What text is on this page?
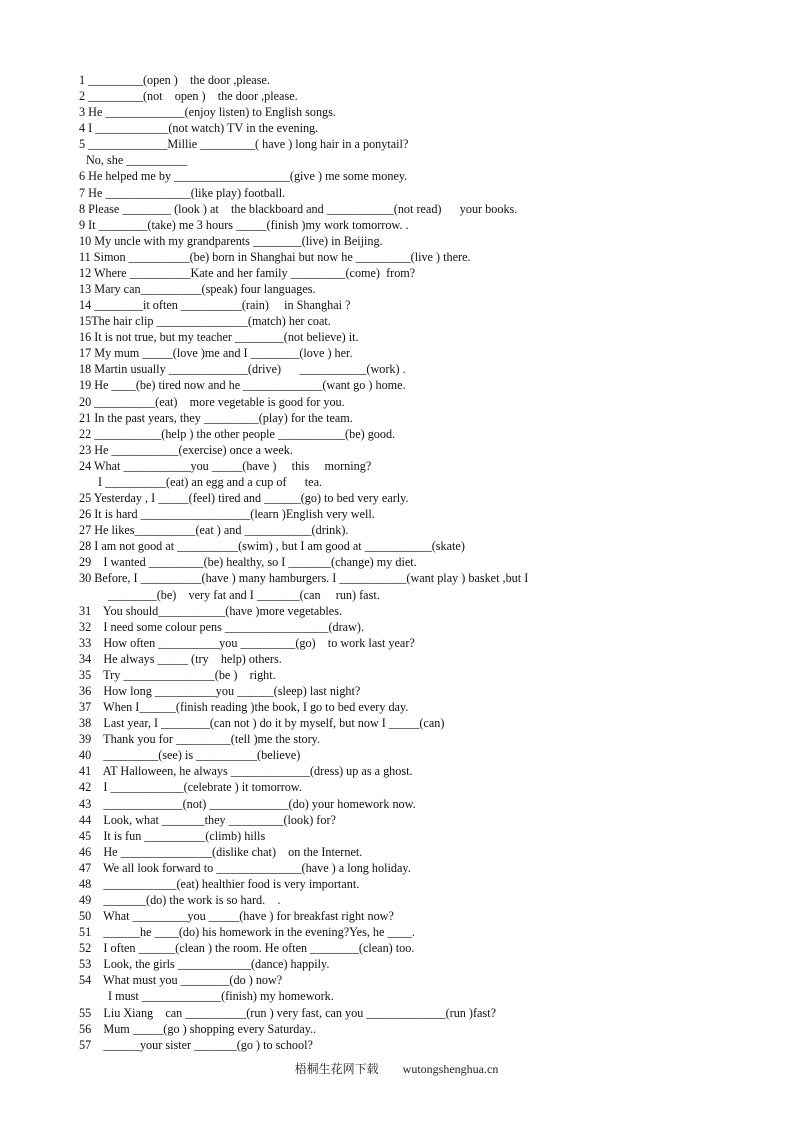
1 _________(open )    the door ,please.
2 _________(not    open )    the door ,please.
3 He _____________(enjoy listen) to English songs.
4 I ____________(not watch) TV in the evening.
5 _____________Millie _________( have ) long hair in a ponytail?
No, she __________
6 He helped me by ___________________(give ) me some money.
7 He ______________(like play) football.
8 Please ________ (look ) at    the blackboard and ___________(not read)      your books.
9 It ________(take) me 3 hours _____(finish )my work tomorrow. .
10 My uncle with my grandparents ________(live) in Beijing.
11 Simon __________(be) born in Shanghai but now he _________(live ) there.
12 Where __________Kate and her family _________(come)  from?
13 Mary can__________(speak) four languages.
14 ________it often __________(rain)     in Shanghai ?
15The hair clip _______________(match) her coat.
16 It is not true, but my teacher ________(not believe) it.
17 My mum _____(love )me and I ________(love ) her.
18 Martin usually _____________(drive)      ___________(work) .
19 He ____(be) tired now and he _____________(want go ) home.
20 __________(eat)    more vegetable is good for you.
21 In the past years, they _________(play) for the team.
22 ___________(help ) the other people ___________(be) good.
23 He ___________(exercise) once a week.
24 What ___________you _____(have )     this     morning?
I __________(eat) an egg and a cup of      tea.
25 Yesterday , I _____(feel) tired and ______(go) to bed very early.
26 It is hard __________________(learn )English very well.
27 He likes__________(eat ) and ___________(drink).
28 I am not good at __________(swim) , but I am good at ___________(skate)
29    I wanted _________(be) healthy, so I _______(change) my diet.
30 Before, I __________(have ) many hamburgers. I ___________(want play ) basket ,but I
________(be)    very fat and I _______(can     run) fast.
31    You should___________(have )more vegetables.
32    I need some colour pens _________________(draw).
33    How often __________you _________(go)    to work last year?
34    He always _____ (try    help) others.
35    Try _______________(be )    right.
36    How long __________you ______(sleep) last night?
37    When I______(finish reading )the book, I go to bed every day.
38    Last year, I ________(can not ) do it by myself, but now I _____(can)
39    Thank you for _________(tell )me the story.
40    _________(see) is __________(believe)
41    AT Halloween, he always _____________(dress) up as a ghost.
42    I ____________(celebrate ) it tomorrow.
43    _____________(not) _____________(do) your homework now.
44    Look, what _______they _________(look) for?
45    It is fun __________(climb) hills
46    He _______________(dislike chat)    on the Internet.
47    We all look forward to ______________(have ) a long holiday.
48    ____________(eat) healthier food is very important.
49    _______(do) the work is so hard.    .
50    What _________you _____(have ) for breakfast right now?
51    ______he ____(do) his homework in the evening?Yes, he ____.
52    I often ______(clean ) the room. He often ________(clean) too.
53    Look, the girls ____________(dance) happily.
54    What must you ________(do ) now?
I must _____________(finish) my homework.
55    Liu Xiang    can __________(run ) very fast, can you _____________(run )fast?
56    Mum _____(go ) shopping every Saturday..
57    ______your sister _______(go ) to school?
梧桐生花网下载        wutongshenghua.cn
